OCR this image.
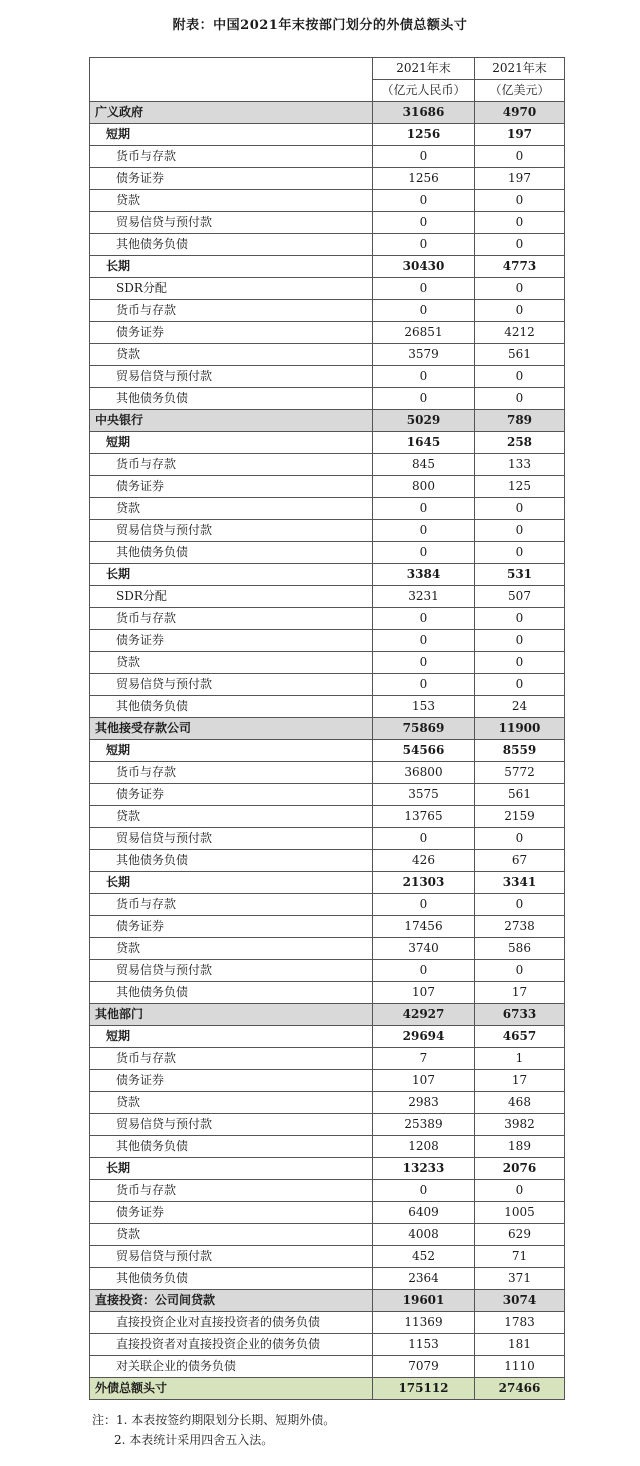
附表：中国2021年末按部门划分的外债总额头寸
	2021年末	2021年末
	（亿元人民币）	（亿美元）
广义政府	31686	4970
短期	1256	197
货币与存款	0	0
债务证券	1256	197
贷款	0	0
贸易信贷与预付款	0	0
其他债务负债	0	0
长期	30430	4773
SDR分配	0	0
货币与存款	0	0
债务证券	26851	4212
贷款	3579	561
贸易信贷与预付款	0	0
其他债务负债	0	0
中央银行	5029	789
短期	1645	258
货币与存款	845	133
债务证券	800	125
贷款	0	0
贸易信贷与预付款	0	0
其他债务负债	0	0
长期	3384	531
SDR分配	3231	507
货币与存款	0	0
债务证券	0	0
贷款	0	0
贸易信贷与预付款	0	0
其他债务负债	153	24
其他接受存款公司	75869	11900
短期	54566	8559
货币与存款	36800	5772
债务证券	3575	561
贷款	13765	2159
贸易信贷与预付款	0	0
其他债务负债	426	67
长期	21303	3341
货币与存款	0	0
债务证券	17456	2738
贷款	3740	586
贸易信贷与预付款	0	0
其他债务负债	107	17
其他部门	42927	6733
短期	29694	4657
货币与存款	7	1
债务证券	107	17
贷款	2983	468
贸易信贷与预付款	25389	3982
其他债务负债	1208	189
长期	13233	2076
货币与存款	0	0
债务证券	6409	1005
贷款	4008	629
贸易信贷与预付款	452	71
其他债务负债	2364	371
直接投资：公司间贷款	19601	3074
直接投资企业对直接投资者的债务负债	11369	1783
直接投资者对直接投资企业的债务负债	1153	181
对关联企业的债务负债	7079	1110
外债总额头寸	175112	27466
注：1. 本表按签约期限划分长期、短期外债。
2. 本表统计采用四舍五入法。
